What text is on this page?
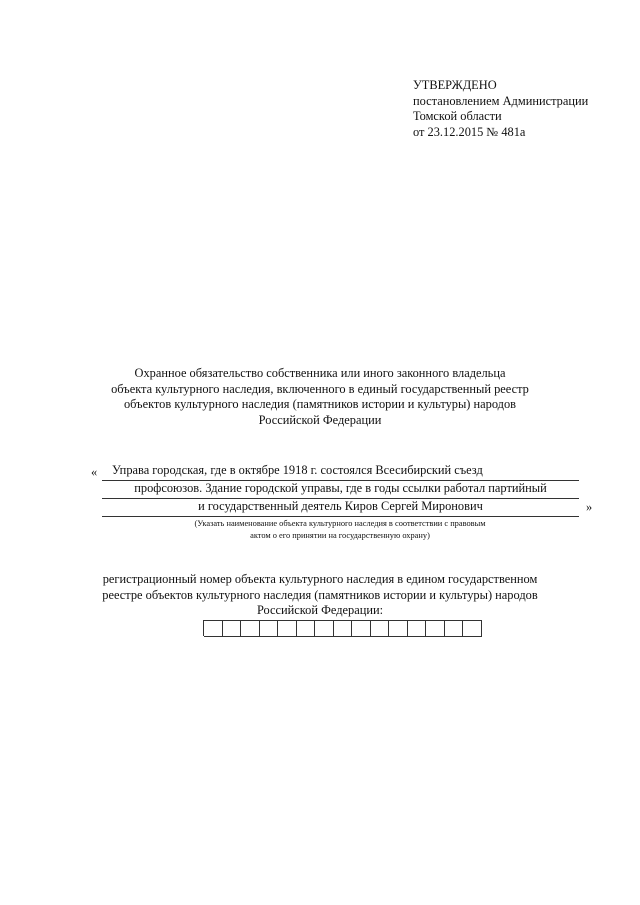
УТВЕРЖДЕНО
постановлением Администрации
Томской области
от 23.12.2015 № 481а
Охранное обязательство собственника или иного законного владельца
объекта культурного наследия, включенного в единый государственный реестр
объектов культурного наследия (памятников истории и культуры) народов
Российской Федерации
«	Управа городская, где в октябре 1918 г. состоялся Всесибирский съезд
профсоюзов. Здание городской управы, где в годы ссылки работал партийный
и государственный деятель Киров Сергей Миронович	»
(Указать наименование объекта культурного наследия в соответствии с правовым
актом о его принятии на государственную охрану)
регистрационный номер объекта культурного наследия в едином государственном
реестре объектов культурного наследия (памятников истории и культуры) народов
Российской Федерации:
